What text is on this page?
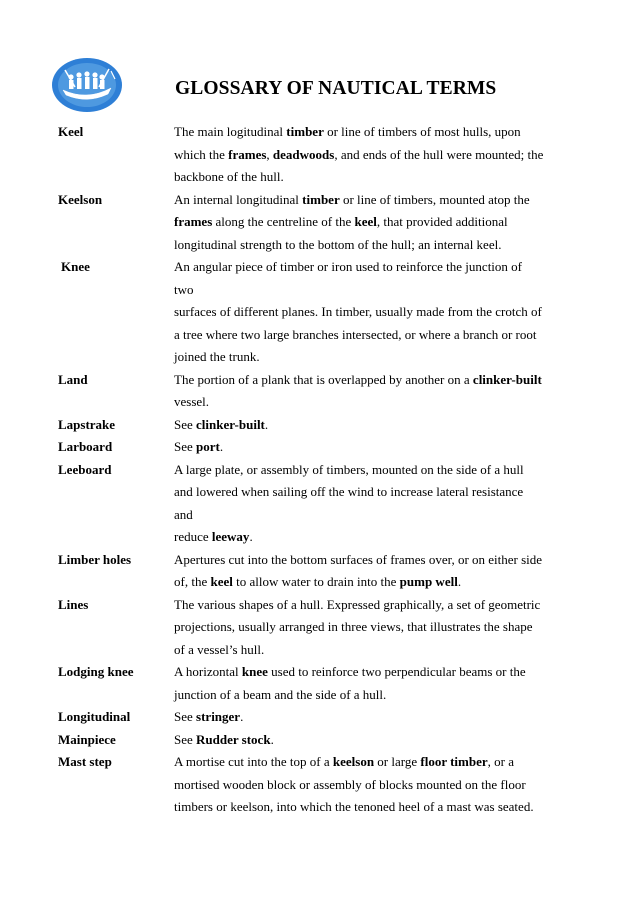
GLOSSARY OF NAUTICAL TERMS
Keel	The main logitudinal timber or line of timbers of most hulls, upon
which the frames, deadwoods, and ends of the hull were mounted; the
backbone of the hull.
Keelson	An internal longitudinal timber or line of timbers, mounted atop the
frames along the centreline of the keel, that provided additional
longitudinal strength to the bottom of the hull; an internal keel.
Knee	An angular piece of timber or iron used to reinforce the junction of two
surfaces of different planes. In timber, usually made from the crotch of
a tree where two large branches intersected, or where a branch or root
joined the trunk.
Land	The portion of a plank that is overlapped by another on a clinker-built
vessel.
Lapstrake	See clinker-built.
Larboard	See port.
Leeboard	A large plate, or assembly of timbers, mounted on the side of a hull
and lowered when sailing off the wind to increase lateral resistance and
reduce leeway.
Limber holes	Apertures cut into the bottom surfaces of frames over, or on either side
of, the keel to allow water to drain into the pump well.
Lines	The various shapes of a hull. Expressed graphically, a set of geometric
projections, usually arranged in three views, that illustrates the shape
of a vessel’s hull.
Lodging knee	A horizontal knee used to reinforce two perpendicular beams or the
junction of a beam and the side of a hull.
Longitudinal	See stringer.
Mainpiece	See Rudder stock.
Mast step	A mortise cut into the top of a keelson or large floor timber, or a
mortised wooden block or assembly of blocks mounted on the floor
timbers or keelson, into which the tenoned heel of a mast was seated.
